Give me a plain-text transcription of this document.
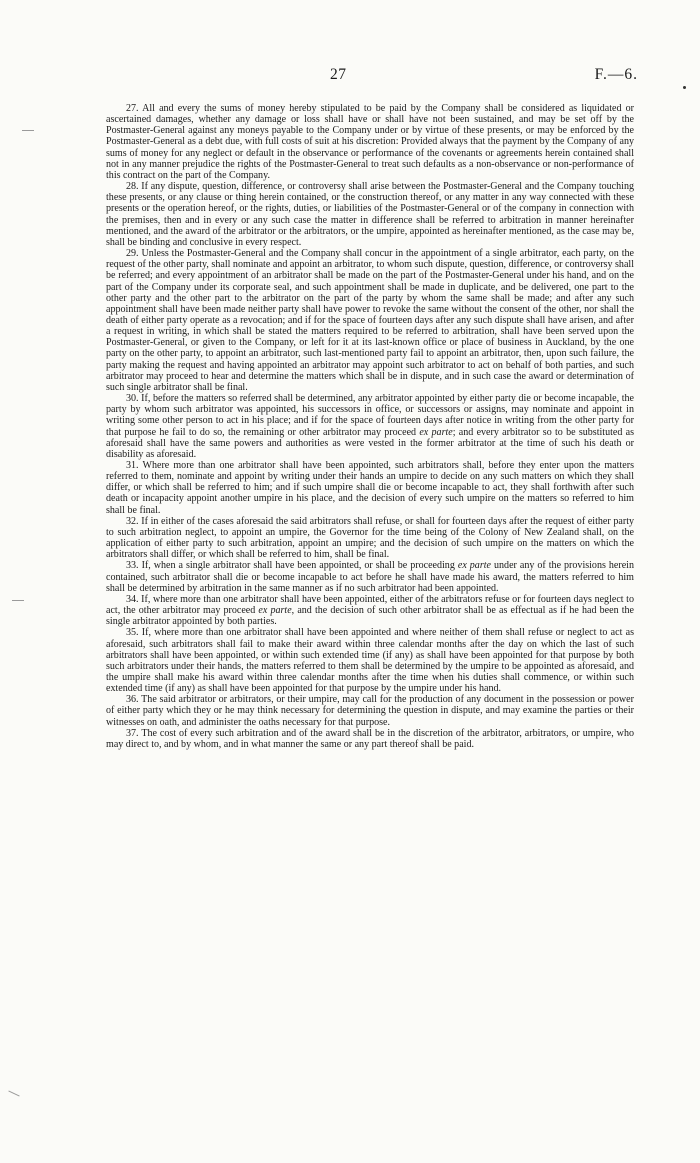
27	F.—6.

27. All and every the sums of money hereby stipulated to be paid by the Company shall be considered as liquidated or ascertained damages, whether any damage or loss shall have or shall have not been sustained, and may be set off by the Postmaster-General against any moneys payable to the Company under or by virtue of these presents, or may be enforced by the Postmaster-General as a debt due, with full costs of suit at his discretion: Provided always that the payment by the Company of any sums of money for any neglect or default in the observance or performance of the covenants or agreements herein contained shall not in any manner prejudice the rights of the Postmaster-General to treat such defaults as a non-observance or non-performance of this contract on the part of the Company.

28. If any dispute, question, difference, or controversy shall arise between the Postmaster-General and the Company touching these presents, or any clause or thing herein contained, or the construction thereof, or any matter in any way connected with these presents or the operation hereof, or the rights, duties, or liabilities of the Postmaster-General or of the company in connection with the premises, then and in every or any such case the matter in difference shall be referred to arbitration in manner hereinafter mentioned, and the award of the arbitrator or the arbitrators, or the umpire, appointed as hereinafter mentioned, as the case may be, shall be binding and conclusive in every respect.

29. Unless the Postmaster-General and the Company shall concur in the appointment of a single arbitrator, each party, on the request of the other party, shall nominate and appoint an arbitrator, to whom such dispute, question, difference, or controversy shall be referred; and every appointment of an arbitrator shall be made on the part of the Postmaster-General under his hand, and on the part of the Company under its corporate seal, and such appointment shall be made in duplicate, and be delivered, one part to the other party and the other part to the arbitrator on the part of the party by whom the same shall be made; and after any such appointment shall have been made neither party shall have power to revoke the same without the consent of the other, nor shall the death of either party operate as a revocation; and if for the space of fourteen days after any such dispute shall have arisen, and after a request in writing, in which shall be stated the matters required to be referred to arbitration, shall have been served upon the Postmaster-General, or given to the Company, or left for it at its last-known office or place of business in Auckland, by the one party on the other party, to appoint an arbitrator, such last-mentioned party fail to appoint an arbitrator, then, upon such failure, the party making the request and having appointed an arbitrator may appoint such arbitrator to act on behalf of both parties, and such arbitrator may proceed to hear and determine the matters which shall be in dispute, and in such case the award or determination of such single arbitrator shall be final.

30. If, before the matters so referred shall be determined, any arbitrator appointed by either party die or become incapable, the party by whom such arbitrator was appointed, his successors in office, or successors or assigns, may nominate and appoint in writing some other person to act in his place; and if for the space of fourteen days after notice in writing from the other party for that purpose he fail to do so, the remaining or other arbitrator may proceed ex parte; and every arbitrator so to be substituted as aforesaid shall have the same powers and authorities as were vested in the former arbitrator at the time of such his death or disability as aforesaid.

31. Where more than one arbitrator shall have been appointed, such arbitrators shall, before they enter upon the matters referred to them, nominate and appoint by writing under their hands an umpire to decide on any such matters on which they shall differ, or which shall be referred to him; and if such umpire shall die or become incapable to act, they shall forthwith after such death or incapacity appoint another umpire in his place, and the decision of every such umpire on the matters so referred to him shall be final.

32. If in either of the cases aforesaid the said arbitrators shall refuse, or shall for fourteen days after the request of either party to such arbitration neglect, to appoint an umpire, the Governor for the time being of the Colony of New Zealand shall, on the application of either party to such arbitration, appoint an umpire; and the decision of such umpire on the matters on which the arbitrators shall differ, or which shall be referred to him, shall be final.

33. If, when a single arbitrator shall have been appointed, or shall be proceeding ex parte under any of the provisions herein contained, such arbitrator shall die or become incapable to act before he shall have made his award, the matters referred to him shall be determined by arbitration in the same manner as if no such arbitrator had been appointed.

34. If, where more than one arbitrator shall have been appointed, either of the arbitrators refuse or for fourteen days neglect to act, the other arbitrator may proceed ex parte, and the decision of such other arbitrator shall be as effectual as if he had been the single arbitrator appointed by both parties.

35. If, where more than one arbitrator shall have been appointed and where neither of them shall refuse or neglect to act as aforesaid, such arbitrators shall fail to make their award within three calendar months after the day on which the last of such arbitrators shall have been appointed, or within such extended time (if any) as shall have been appointed for that purpose by both such arbitrators under their hands, the matters referred to them shall be determined by the umpire to be appointed as aforesaid, and the umpire shall make his award within three calendar months after the time when his duties shall commence, or within such extended time (if any) as shall have been appointed for that purpose by the umpire under his hand.

36. The said arbitrator or arbitrators, or their umpire, may call for the production of any document in the possession or power of either party which they or he may think necessary for determining the question in dispute, and may examine the parties or their witnesses on oath, and administer the oaths necessary for that purpose.

37. The cost of every such arbitration and of the award shall be in the discretion of the arbitrator, arbitrators, or umpire, who may direct to, and by whom, and in what manner the same or any part thereof shall be paid.
